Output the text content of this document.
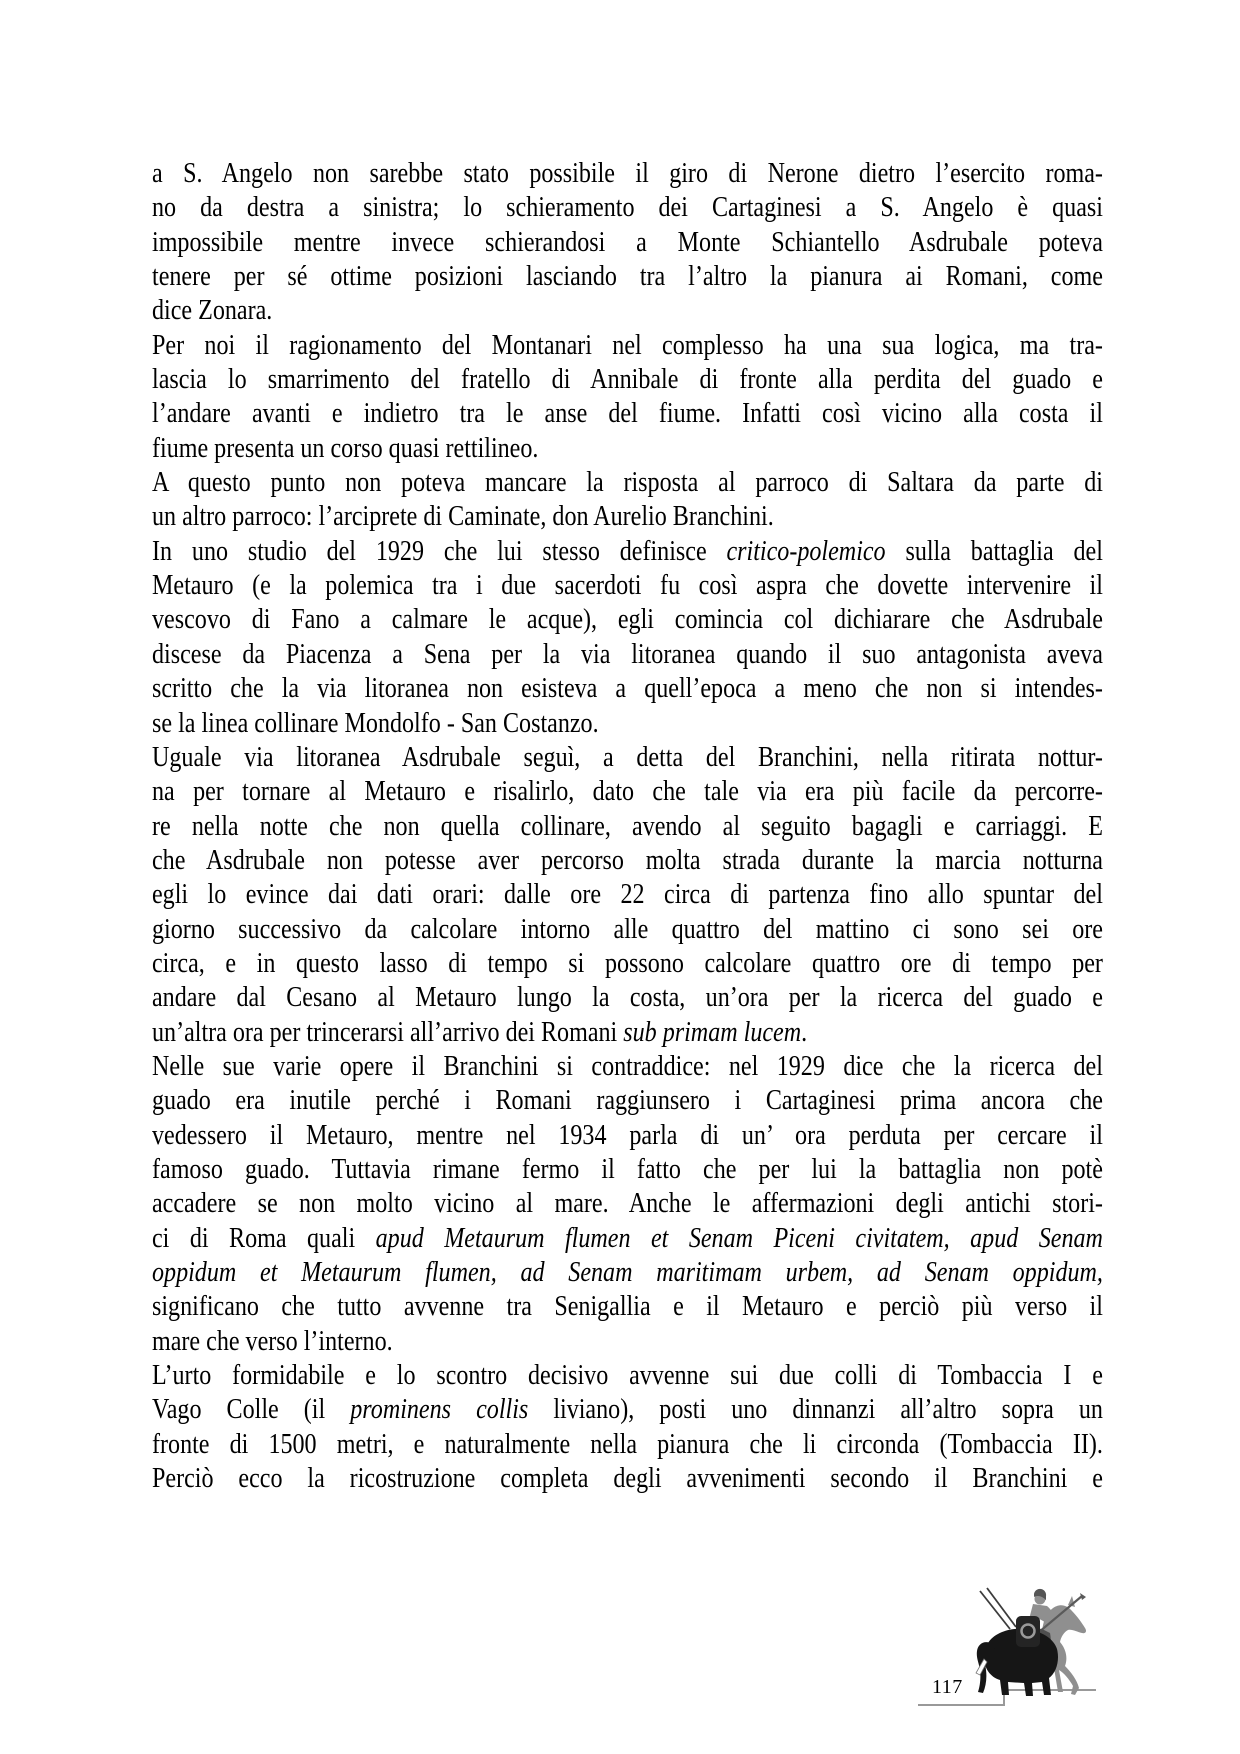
a S. Angelo non sarebbe stato possibile il giro di Nerone dietro l’esercito roma-
no da destra a sinistra; lo schieramento dei Cartaginesi a S. Angelo è quasi
impossibile mentre invece schierandosi a Monte Schiantello Asdrubale poteva
tenere per sé ottime posizioni lasciando tra l’altro la pianura ai Romani, come
dice Zonara.
Per noi il ragionamento del Montanari nel complesso ha una sua logica, ma tra-
lascia lo smarrimento del fratello di Annibale di fronte alla perdita del guado e
l’andare avanti e indietro tra le anse del fiume. Infatti così vicino alla costa il
fiume presenta un corso quasi rettilineo.
A questo punto non poteva mancare la risposta al parroco di Saltara da parte di
un altro parroco: l’arciprete di Caminate, don Aurelio Branchini.
In uno studio del 1929 che lui stesso definisce critico-polemico sulla battaglia del
Metauro (e la polemica tra i due sacerdoti fu così aspra che dovette intervenire il
vescovo di Fano a calmare le acque), egli comincia col dichiarare che Asdrubale
discese da Piacenza a Sena per la via litoranea quando il suo antagonista aveva
scritto che la via litoranea non esisteva a quell’epoca a meno che non si intendes-
se la linea collinare Mondolfo - San Costanzo.
Uguale via litoranea Asdrubale seguì, a detta del Branchini, nella ritirata nottur-
na per tornare al Metauro e risalirlo, dato che tale via era più facile da percorre-
re nella notte che non quella collinare, avendo al seguito bagagli e carriaggi. E
che Asdrubale non potesse aver percorso molta strada durante la marcia notturna
egli lo evince dai dati orari: dalle ore 22 circa di partenza fino allo spuntar del
giorno successivo da calcolare intorno alle quattro del mattino ci sono sei ore
circa, e in questo lasso di tempo si possono calcolare quattro ore di tempo per
andare dal Cesano al Metauro lungo la costa, un’ora per la ricerca del guado e
un’altra ora per trincerarsi all’arrivo dei Romani sub primam lucem.
Nelle sue varie opere il Branchini si contraddice: nel 1929 dice che la ricerca del
guado era inutile perché i Romani raggiunsero i Cartaginesi prima ancora che
vedessero il Metauro, mentre nel 1934 parla di un’ ora perduta per cercare il
famoso guado. Tuttavia rimane fermo il fatto che per lui la battaglia non potè
accadere se non molto vicino al mare. Anche le affermazioni degli antichi stori-
ci di Roma quali apud Metaurum flumen et Senam Piceni civitatem, apud Senam
oppidum et Metaurum flumen, ad Senam maritimam urbem, ad Senam oppidum,
significano che tutto avvenne tra Senigallia e il Metauro e perciò più verso il
mare che verso l’interno.
L’urto formidabile e lo scontro decisivo avvenne sui due colli di Tombaccia I e
Vago Colle (il prominens collis liviano), posti uno dinnanzi all’altro sopra un
fronte di 1500 metri, e naturalmente nella pianura che li circonda (Tombaccia II).
Perciò ecco la ricostruzione completa degli avvenimenti secondo il Branchini e
117
